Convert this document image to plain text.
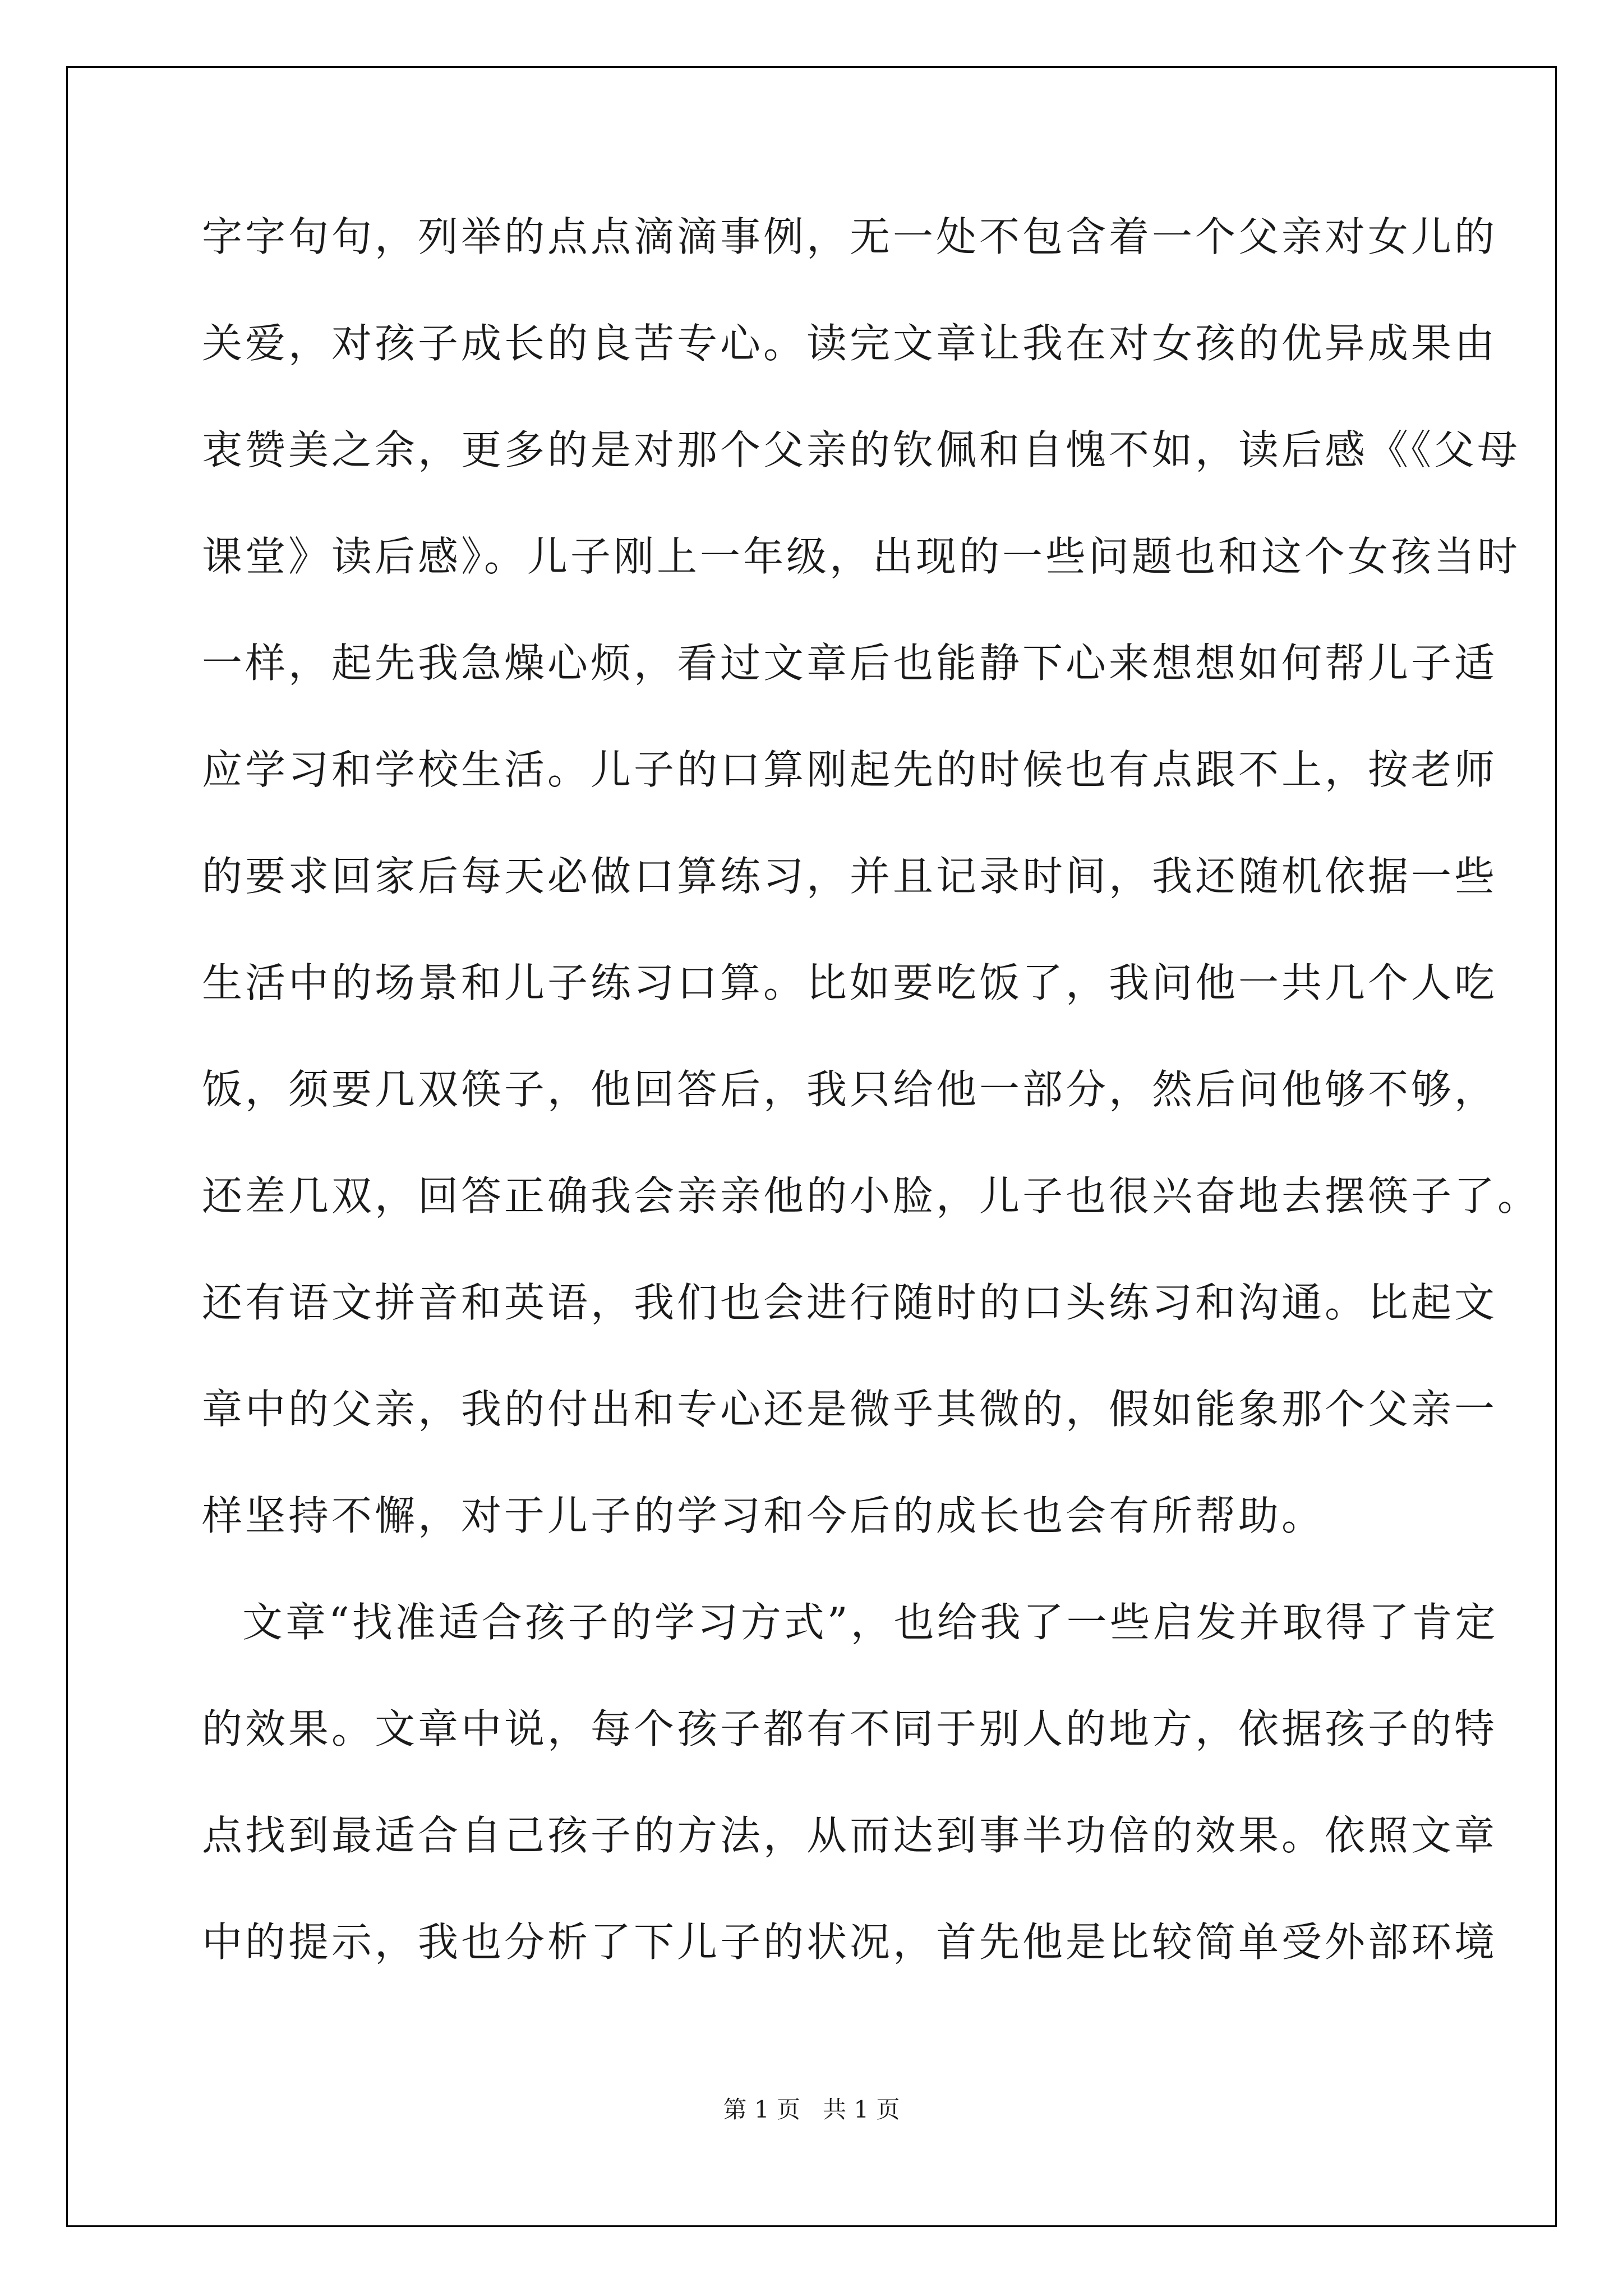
字字句句，列举的点点滴滴事例，无一处不包含着一个父亲对女儿的
关爱，对孩子成长的良苦专心。读完文章让我在对女孩的优异成果由
衷赞美之余，更多的是对那个父亲的钦佩和自愧不如，读后感《《父母
课堂》读后感》。儿子刚上一年级，出现的一些问题也和这个女孩当时
一样，起先我急燥心烦，看过文章后也能静下心来想想如何帮儿子适
应学习和学校生活。儿子的口算刚起先的时候也有点跟不上，按老师
的要求回家后每天必做口算练习，并且记录时间，我还随机依据一些
生活中的场景和儿子练习口算。比如要吃饭了，我问他一共几个人吃
饭，须要几双筷子，他回答后，我只给他一部分，然后问他够不够，
还差几双，回答正确我会亲亲他的小脸，儿子也很兴奋地去摆筷子了。
还有语文拼音和英语，我们也会进行随时的口头练习和沟通。比起文
章中的父亲，我的付出和专心还是微乎其微的，假如能象那个父亲一
样坚持不懈，对于儿子的学习和今后的成长也会有所帮助。
文章“找准适合孩子的学习方式”，也给我了一些启发并取得了肯定
的效果。文章中说，每个孩子都有不同于别人的地方，依据孩子的特
点找到最适合自己孩子的方法，从而达到事半功倍的效果。依照文章
中的提示，我也分析了下儿子的状况，首先他是比较简单受外部环境
第 1 页 共 1 页
